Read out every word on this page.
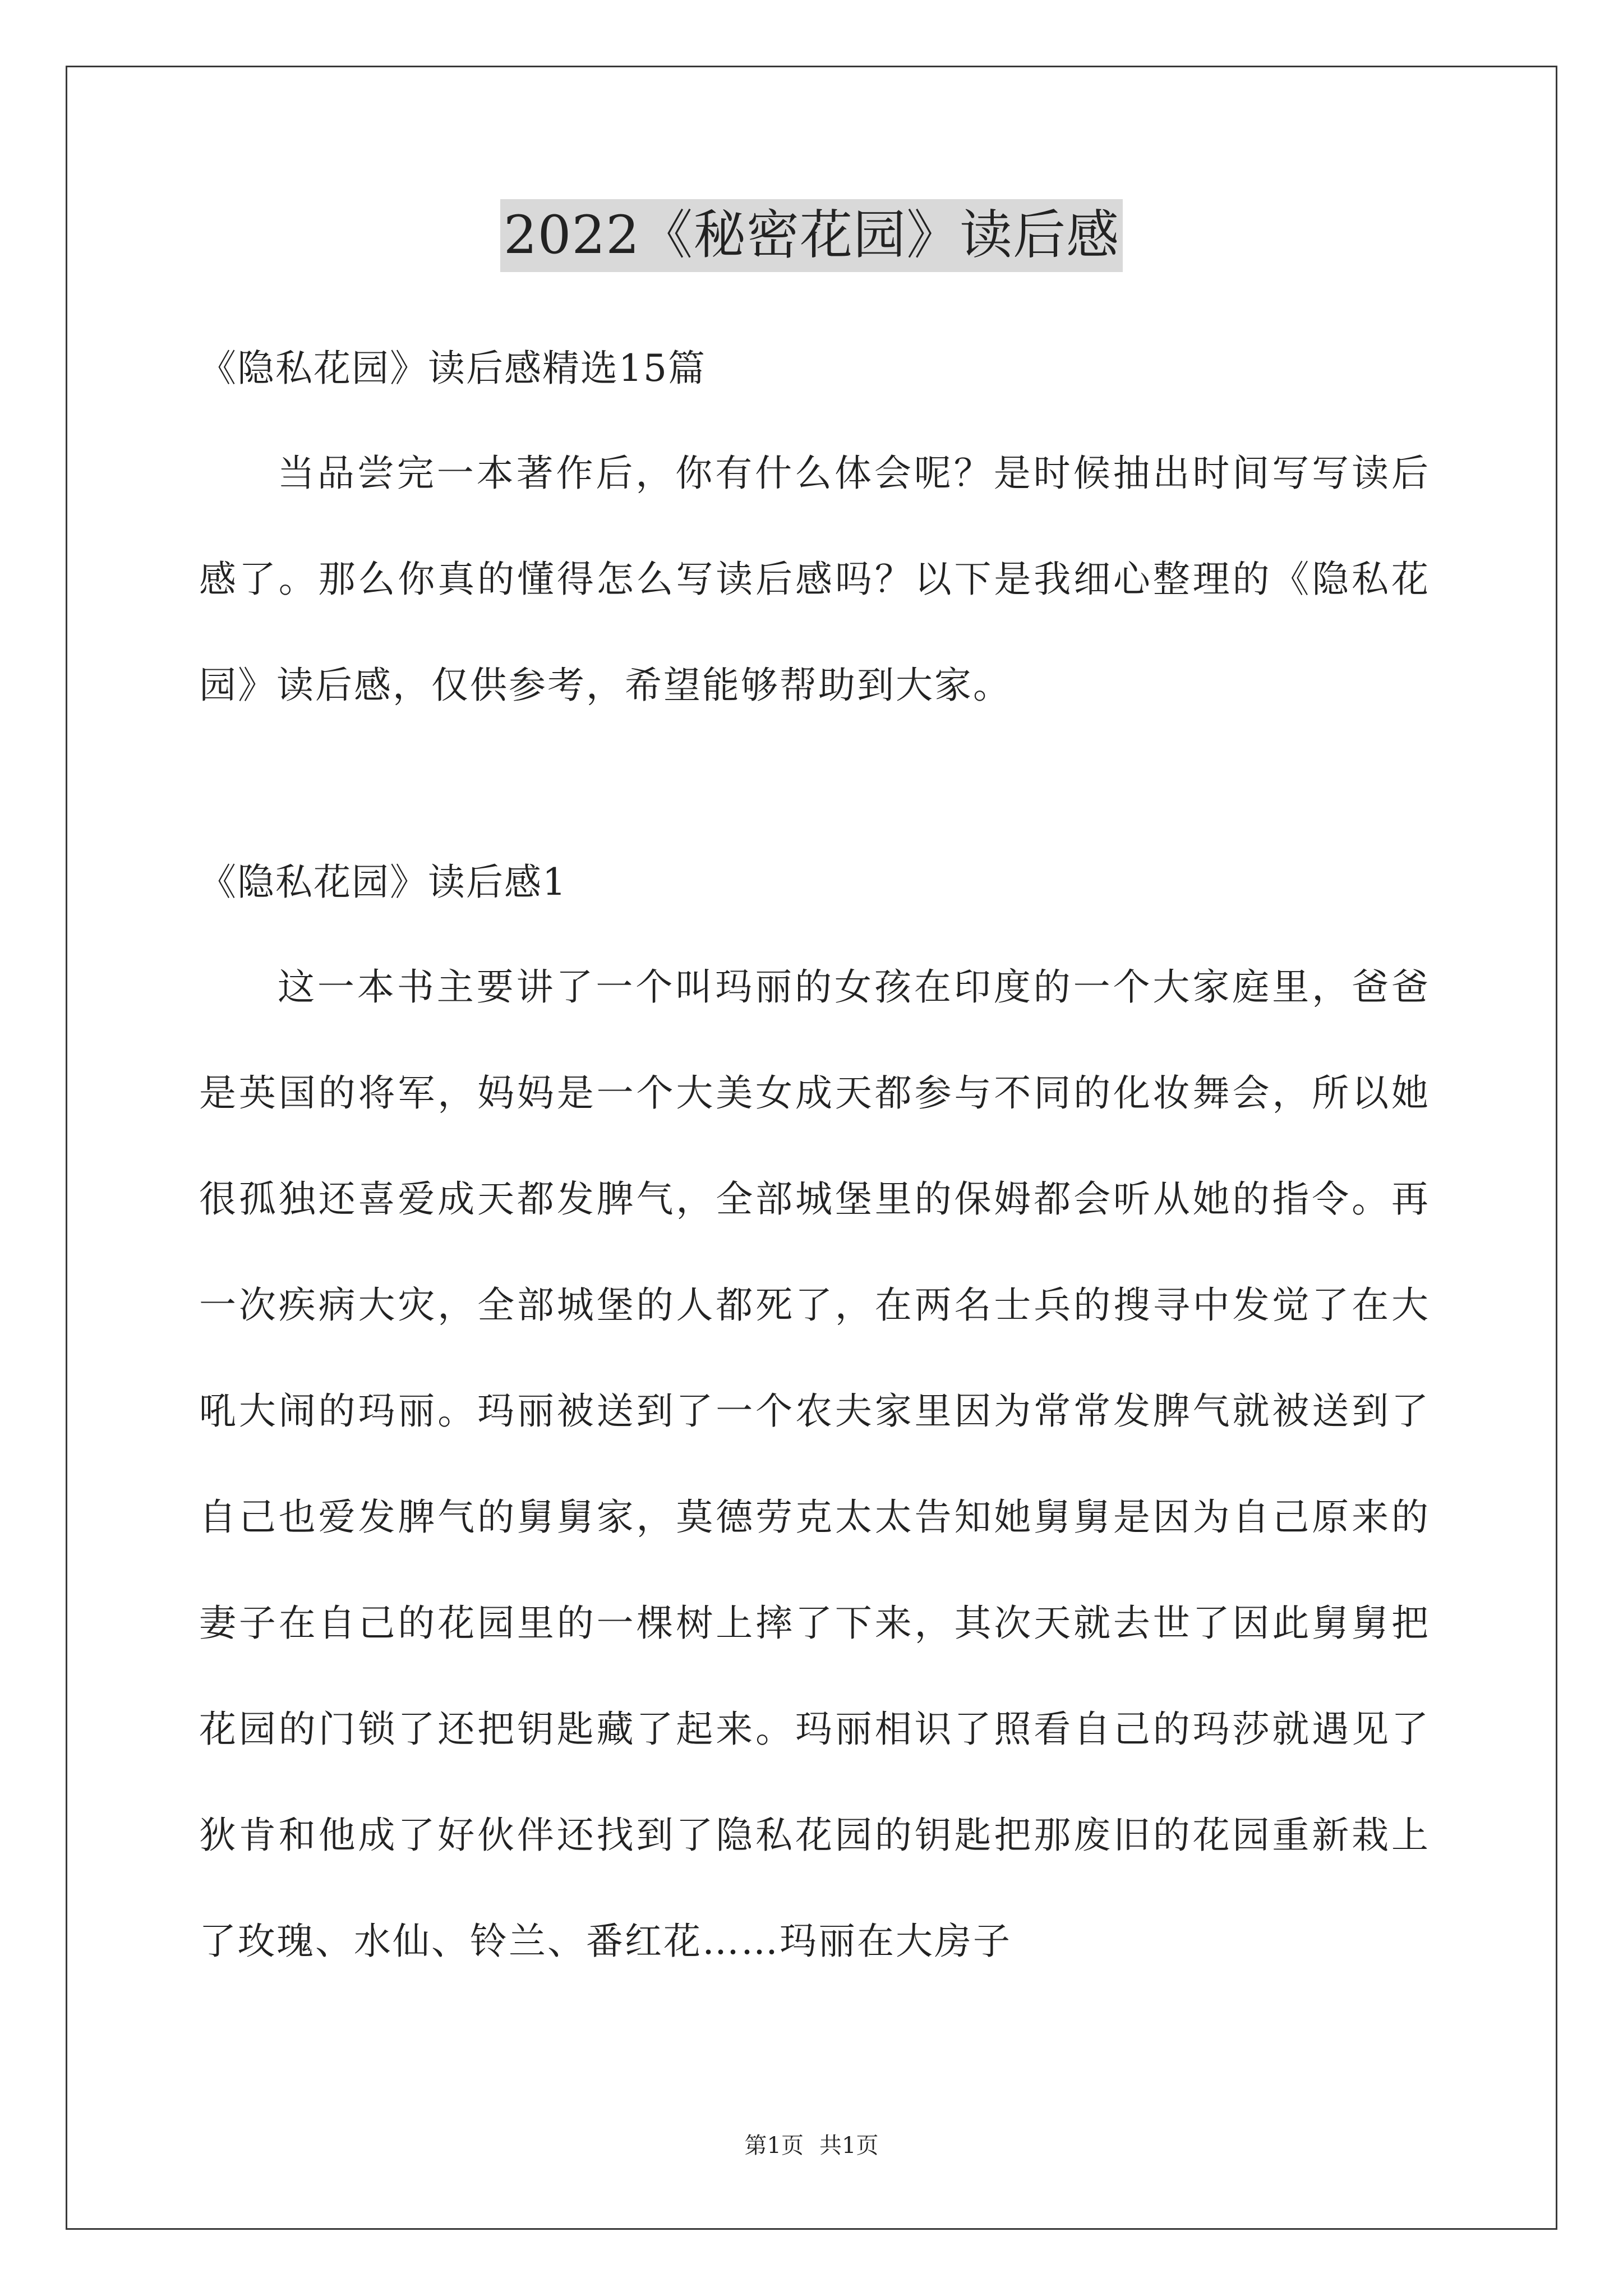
2022《秘密花园》读后感

《隐私花园》读后感精选15篇

当品尝完一本著作后，你有什么体会呢？是时候抽出时间写写读后感了。那么你真的懂得怎么写读后感吗？以下是我细心整理的《隐私花园》读后感，仅供参考，希望能够帮助到大家。

《隐私花园》读后感1

这一本书主要讲了一个叫玛丽的女孩在印度的一个大家庭里，爸爸是英国的将军，妈妈是一个大美女成天都参与不同的化妆舞会，所以她很孤独还喜爱成天都发脾气，全部城堡里的保姆都会听从她的指令。再一次疾病大灾，全部城堡的人都死了，在两名士兵的搜寻中发觉了在大吼大闹的玛丽。玛丽被送到了一个农夫家里因为常常发脾气就被送到了自己也爱发脾气的舅舅家，莫德劳克太太告知她舅舅是因为自己原来的妻子在自己的花园里的一棵树上摔了下来，其次天就去世了因此舅舅把花园的门锁了还把钥匙藏了起来。玛丽相识了照看自己的玛莎就遇见了狄肯和他成了好伙伴还找到了隐私花园的钥匙把那废旧的花园重新栽上了玫瑰、水仙、铃兰、番红花……玛丽在大房子

第1页 共1页
